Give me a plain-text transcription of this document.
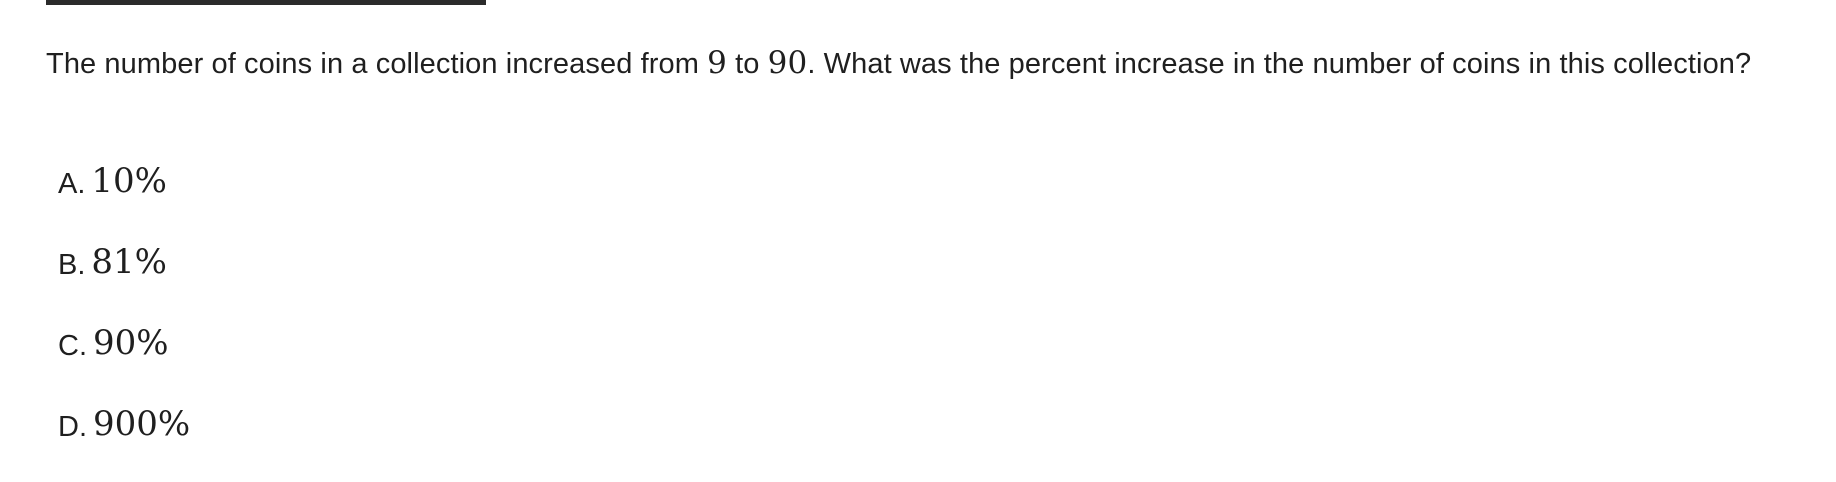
The number of coins in a collection increased from 9 to 90. What was the percent increase in the number of coins in this collection?
A. 10%
B. 81%
C. 90%
D. 900%
